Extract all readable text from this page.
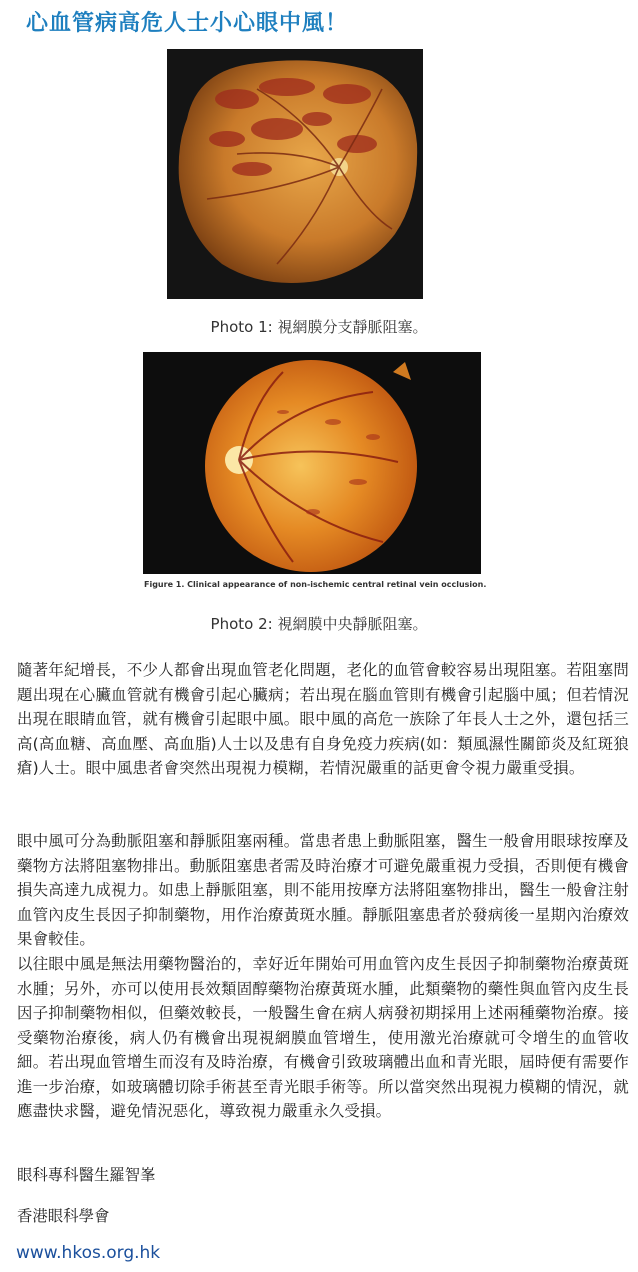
心血管病高危人士小心眼中風！
Photo 1: 視網膜分支靜脈阻塞。
Figure 1. Clinical appearance of non-ischemic central retinal vein occlusion.
Photo 2: 視網膜中央靜脈阻塞。
隨著年紀增長，不少人都會出現血管老化問題，老化的血管會較容易出現阻塞。若阻塞問題出現在心臟血管就有機會引起心臟病；若出現在腦血管則有機會引起腦中風；但若情況出現在眼睛血管，就有機會引起眼中風。眼中風的高危一族除了年長人士之外，還包括三高(高血糖、高血壓、高血脂)人士以及患有自身免疫力疾病(如：類風濕性關節炎及紅斑狼瘡)人士。眼中風患者會突然出現視力模糊，若情況嚴重的話更會令視力嚴重受損。
眼中風可分為動脈阻塞和靜脈阻塞兩種。當患者患上動脈阻塞，醫生一般會用眼球按摩及藥物方法將阻塞物排出。動脈阻塞患者需及時治療才可避免嚴重視力受損，否則便有機會損失高達九成視力。如患上靜脈阻塞，則不能用按摩方法將阻塞物排出，醫生一般會注射血管內皮生長因子抑制藥物，用作治療黃斑水腫。靜脈阻塞患者於發病後一星期內治療效果會較佳。
以往眼中風是無法用藥物醫治的，幸好近年開始可用血管內皮生長因子抑制藥物治療黃斑水腫；另外，亦可以使用長效類固醇藥物治療黃斑水腫，此類藥物的藥性與血管內皮生長因子抑制藥物相似，但藥效較長，一般醫生會在病人病發初期採用上述兩種藥物治療。接受藥物治療後，病人仍有機會出現視網膜血管增生，使用激光治療就可令增生的血管收細。若出現血管增生而沒有及時治療，有機會引致玻璃體出血和青光眼，屆時便有需要作進一步治療，如玻璃體切除手術甚至青光眼手術等。所以當突然出現視力模糊的情況，就應盡快求醫，避免情況惡化，導致視力嚴重永久受損。
眼科專科醫生羅智峯
香港眼科學會
www.hkos.org.hk
